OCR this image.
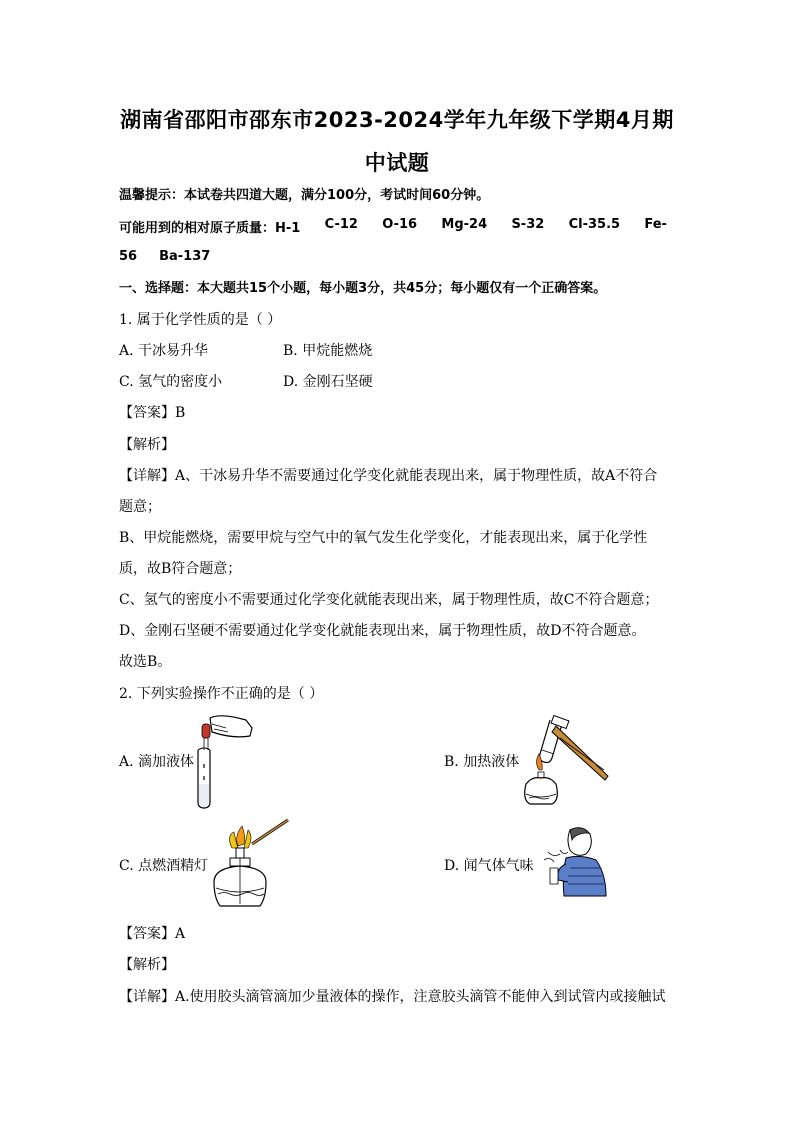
湖南省邵阳市邵东市2023-2024学年九年级下学期4月期
中试题
温馨提示：本试卷共四道大题，满分100分，考试时间60分钟。
可能用到的相对原子质量：H-1 C-12 O-16 Mg-24 S-32 Cl-35.5 Fe-
56 Ba-137
一、选择题：本大题共15个小题，每小题3分，共45分；每小题仅有一个正确答案。
1. 属于化学性质的是（ ）
A. 干冰易升华	B. 甲烷能燃烧
C. 氢气的密度小	D. 金刚石坚硬
【答案】B
【解析】
【详解】A、干冰易升华不需要通过化学变化就能表现出来，属于物理性质，故A不符合
题意；
B、甲烷能燃烧，需要甲烷与空气中的氧气发生化学变化，才能表现出来，属于化学性
质，故B符合题意；
C、氢气的密度小不需要通过化学变化就能表现出来，属于物理性质，故C不符合题意；
D、金刚石坚硬不需要通过化学变化就能表现出来，属于物理性质，故D不符合题意。
故选B。
2. 下列实验操作不正确的是（ ）
A. 滴加液体	B. 加热液体
C. 点燃酒精灯	D. 闻气体气味
【答案】A
【解析】
【详解】A.使用胶头滴管滴加少量液体的操作，注意胶头滴管不能伸入到试管内或接触试
